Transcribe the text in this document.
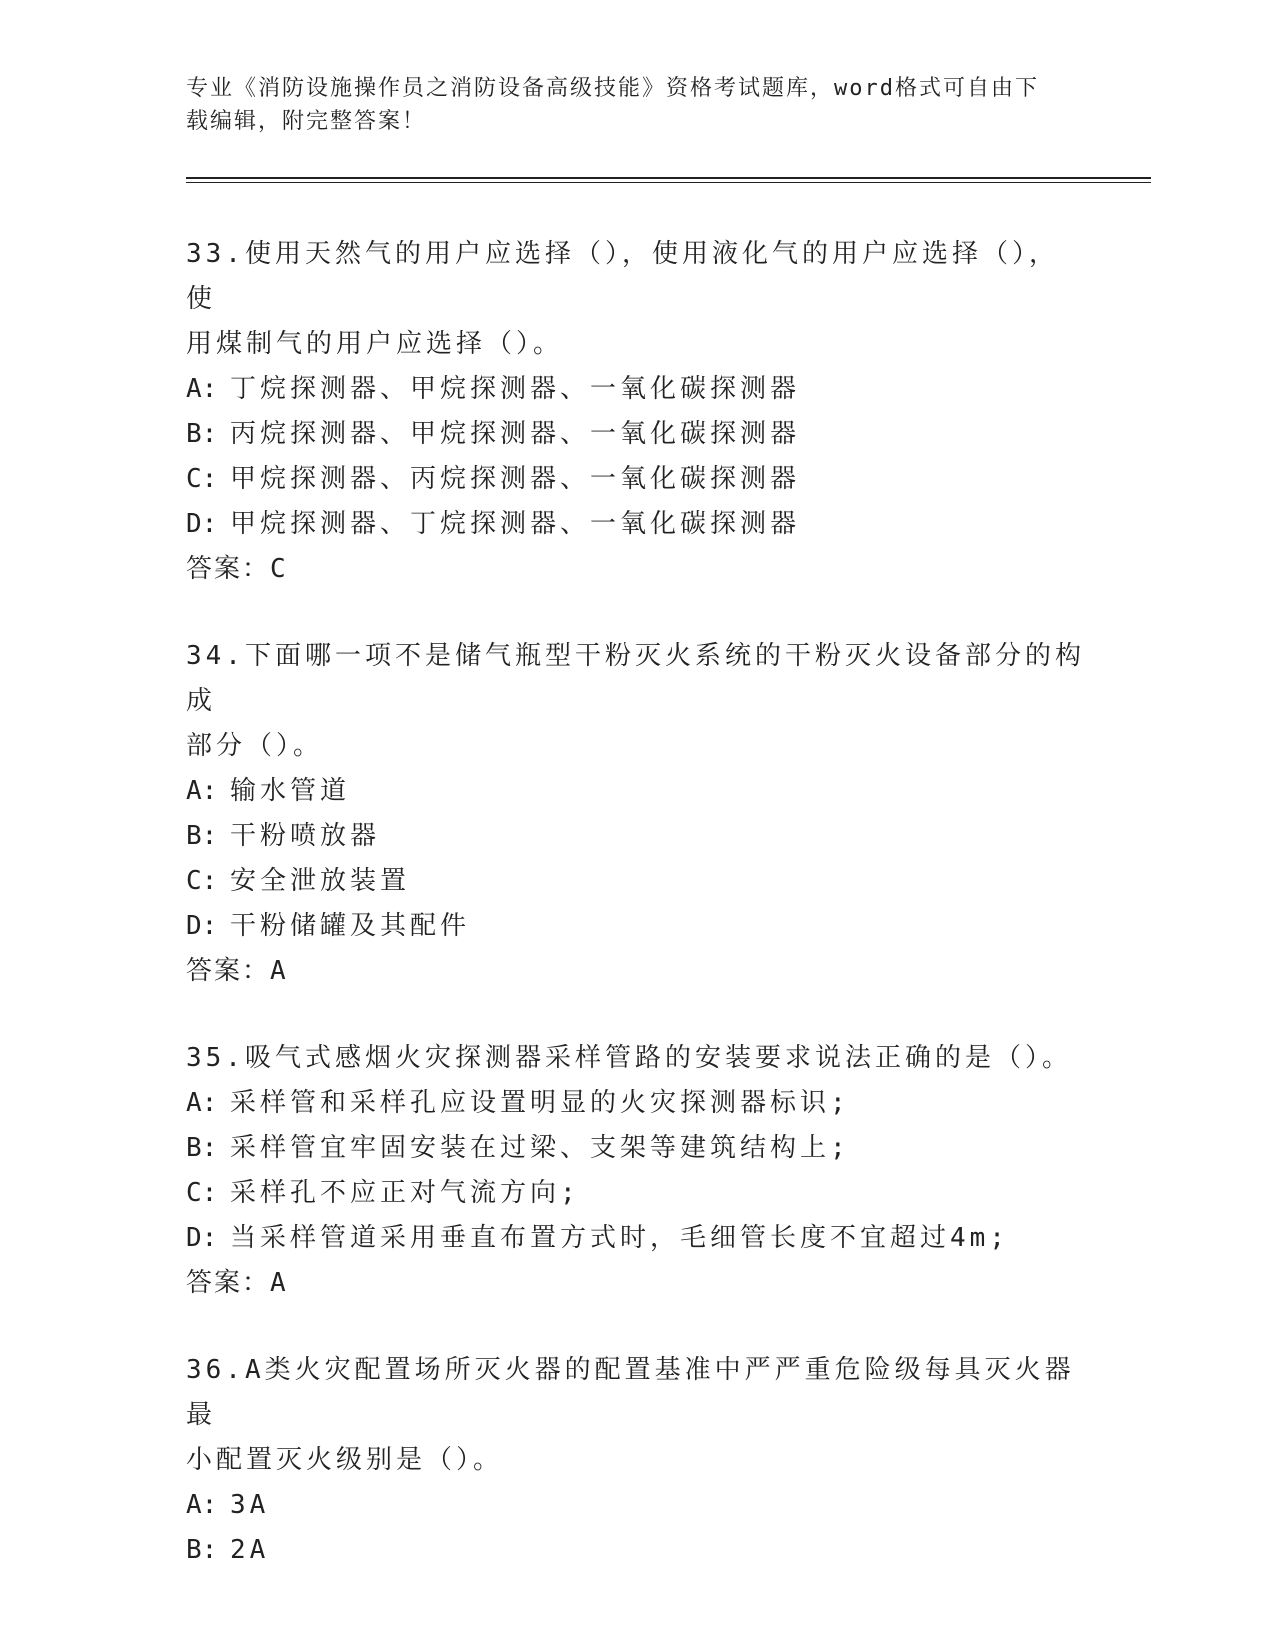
专业《消防设施操作员之消防设备高级技能》资格考试题库，word格式可自由下
载编辑，附完整答案！

33.使用天然气的用户应选择（），使用液化气的用户应选择（），使
用煤制气的用户应选择（）。

A: 丁烷探测器、甲烷探测器、一氧化碳探测器
B: 丙烷探测器、甲烷探测器、一氧化碳探测器
C: 甲烷探测器、丙烷探测器、一氧化碳探测器
D: 甲烷探测器、丁烷探测器、一氧化碳探测器

答案：C

34.下面哪一项不是储气瓶型干粉灭火系统的干粉灭火设备部分的构成
部分（）。

A: 输水管道
B: 干粉喷放器
C: 安全泄放装置
D: 干粉储罐及其配件

答案：A

35.吸气式感烟火灾探测器采样管路的安装要求说法正确的是（）。

A: 采样管和采样孔应设置明显的火灾探测器标识;
B: 采样管宜牢固安装在过梁、支架等建筑结构上;
C: 采样孔不应正对气流方向;
D: 当采样管道采用垂直布置方式时，毛细管长度不宜超过4m;

答案：A

36.A类火灾配置场所灭火器的配置基准中严严重危险级每具灭火器最
小配置灭火级别是（）。

A: 3A
B: 2A
